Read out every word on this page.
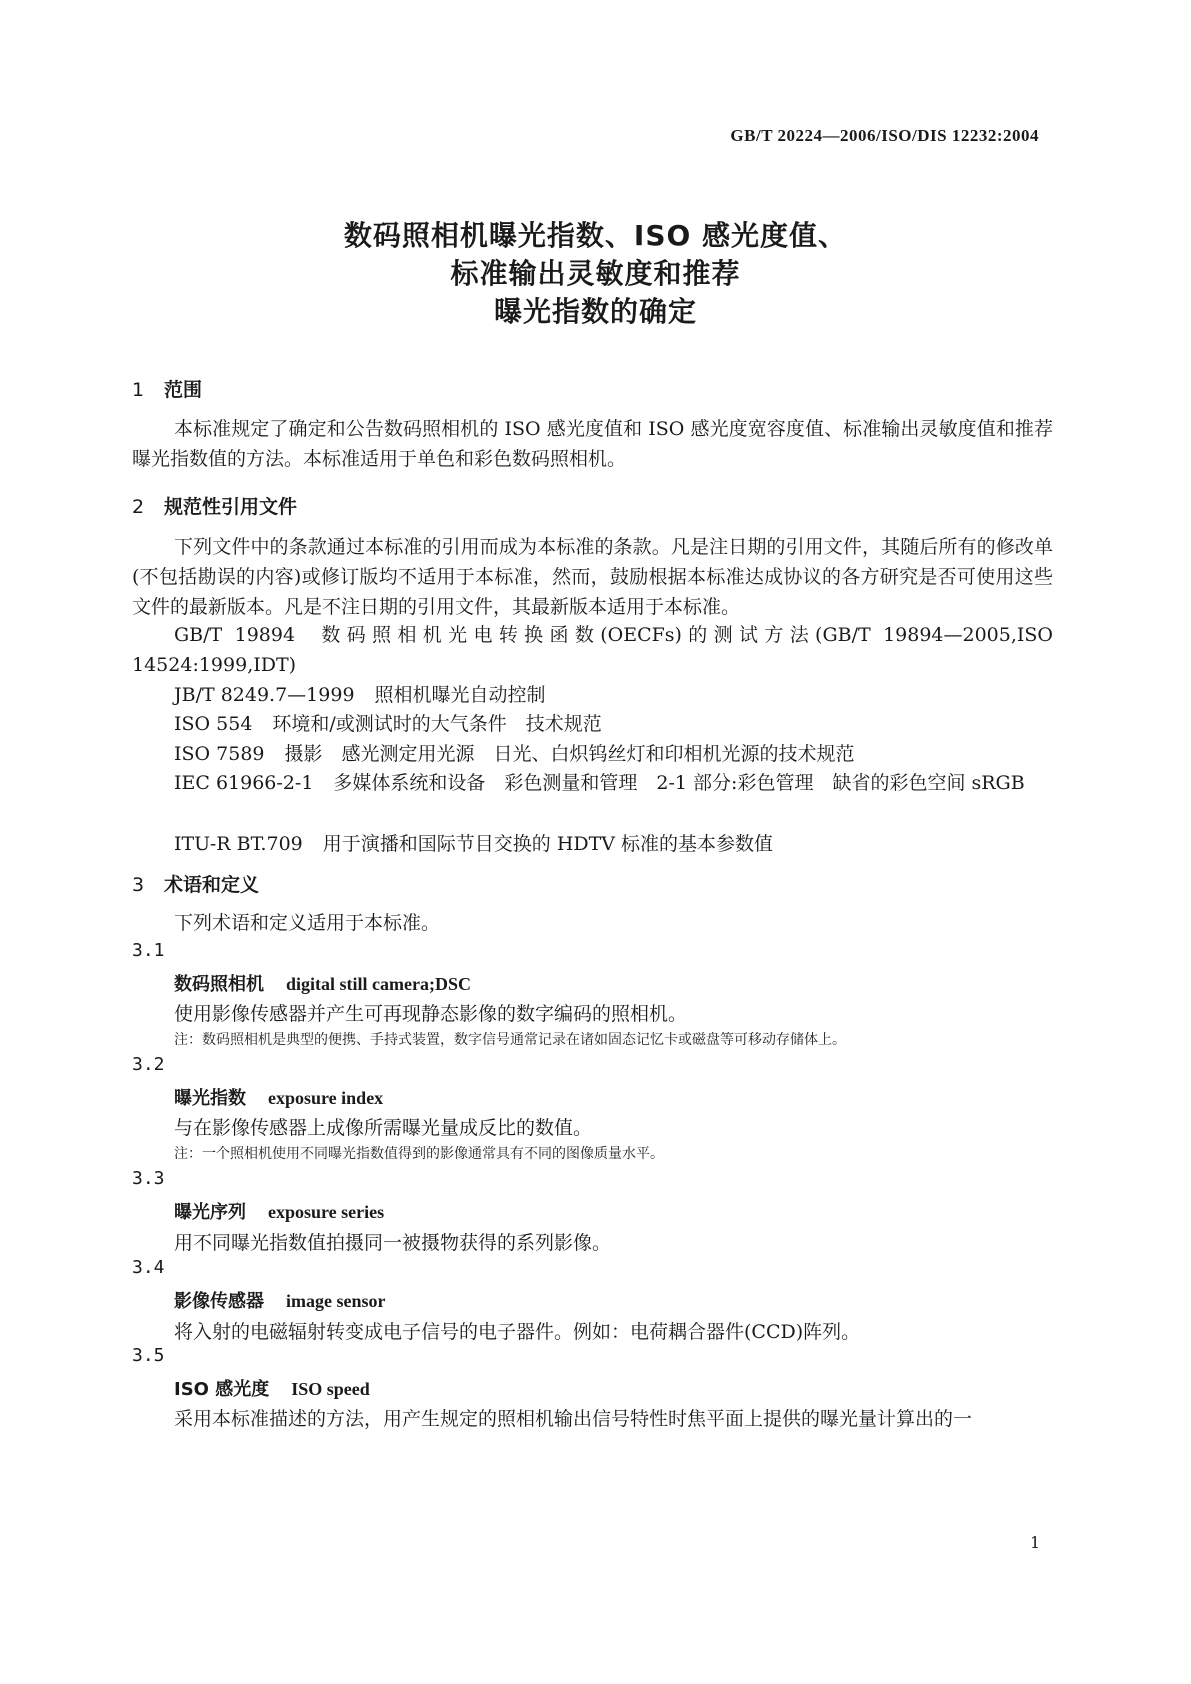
GB/T 20224—2006/ISO/DIS 12232:2004
数码照相机曝光指数、ISO 感光度值、
标准输出灵敏度和推荐
曝光指数的确定
1 范围
本标准规定了确定和公告数码照相机的 ISO 感光度值和 ISO 感光度宽容度值、标准输出灵敏度值和推荐曝光指数值的方法。本标准适用于单色和彩色数码照相机。
2 规范性引用文件
下列文件中的条款通过本标准的引用而成为本标准的条款。凡是注日期的引用文件，其随后所有的修改单(不包括勘误的内容)或修订版均不适用于本标准，然而，鼓励根据本标准达成协议的各方研究是否可使用这些文件的最新版本。凡是不注日期的引用文件，其最新版本适用于本标准。
GB/T 19894 数码照相机光电转换函数(OECFs)的测试方法(GB/T 19894—2005,ISO 14524:1999,IDT)
JB/T 8249.7—1999 照相机曝光自动控制
ISO 554 环境和/或测试时的大气条件　技术规范
ISO 7589 摄影　感光测定用光源　日光、白炽钨丝灯和印相机光源的技术规范
IEC 61966-2-1 多媒体系统和设备　彩色测量和管理　2-1 部分:彩色管理　缺省的彩色空间 sRGB
ITU-R BT.709 用于演播和国际节目交换的 HDTV 标准的基本参数值
3 术语和定义
下列术语和定义适用于本标准。
3.1
数码照相机 digital still camera;DSC
使用影像传感器并产生可再现静态影像的数字编码的照相机。
注：数码照相机是典型的便携、手持式装置，数字信号通常记录在诸如固态记忆卡或磁盘等可移动存储体上。
3.2
曝光指数 exposure index
与在影像传感器上成像所需曝光量成反比的数值。
注：一个照相机使用不同曝光指数值得到的影像通常具有不同的图像质量水平。
3.3
曝光序列 exposure series
用不同曝光指数值拍摄同一被摄物获得的系列影像。
3.4
影像传感器 image sensor
将入射的电磁辐射转变成电子信号的电子器件。例如：电荷耦合器件(CCD)阵列。
3.5
ISO 感光度 ISO speed
采用本标准描述的方法，用产生规定的照相机输出信号特性时焦平面上提供的曝光量计算出的一
1
